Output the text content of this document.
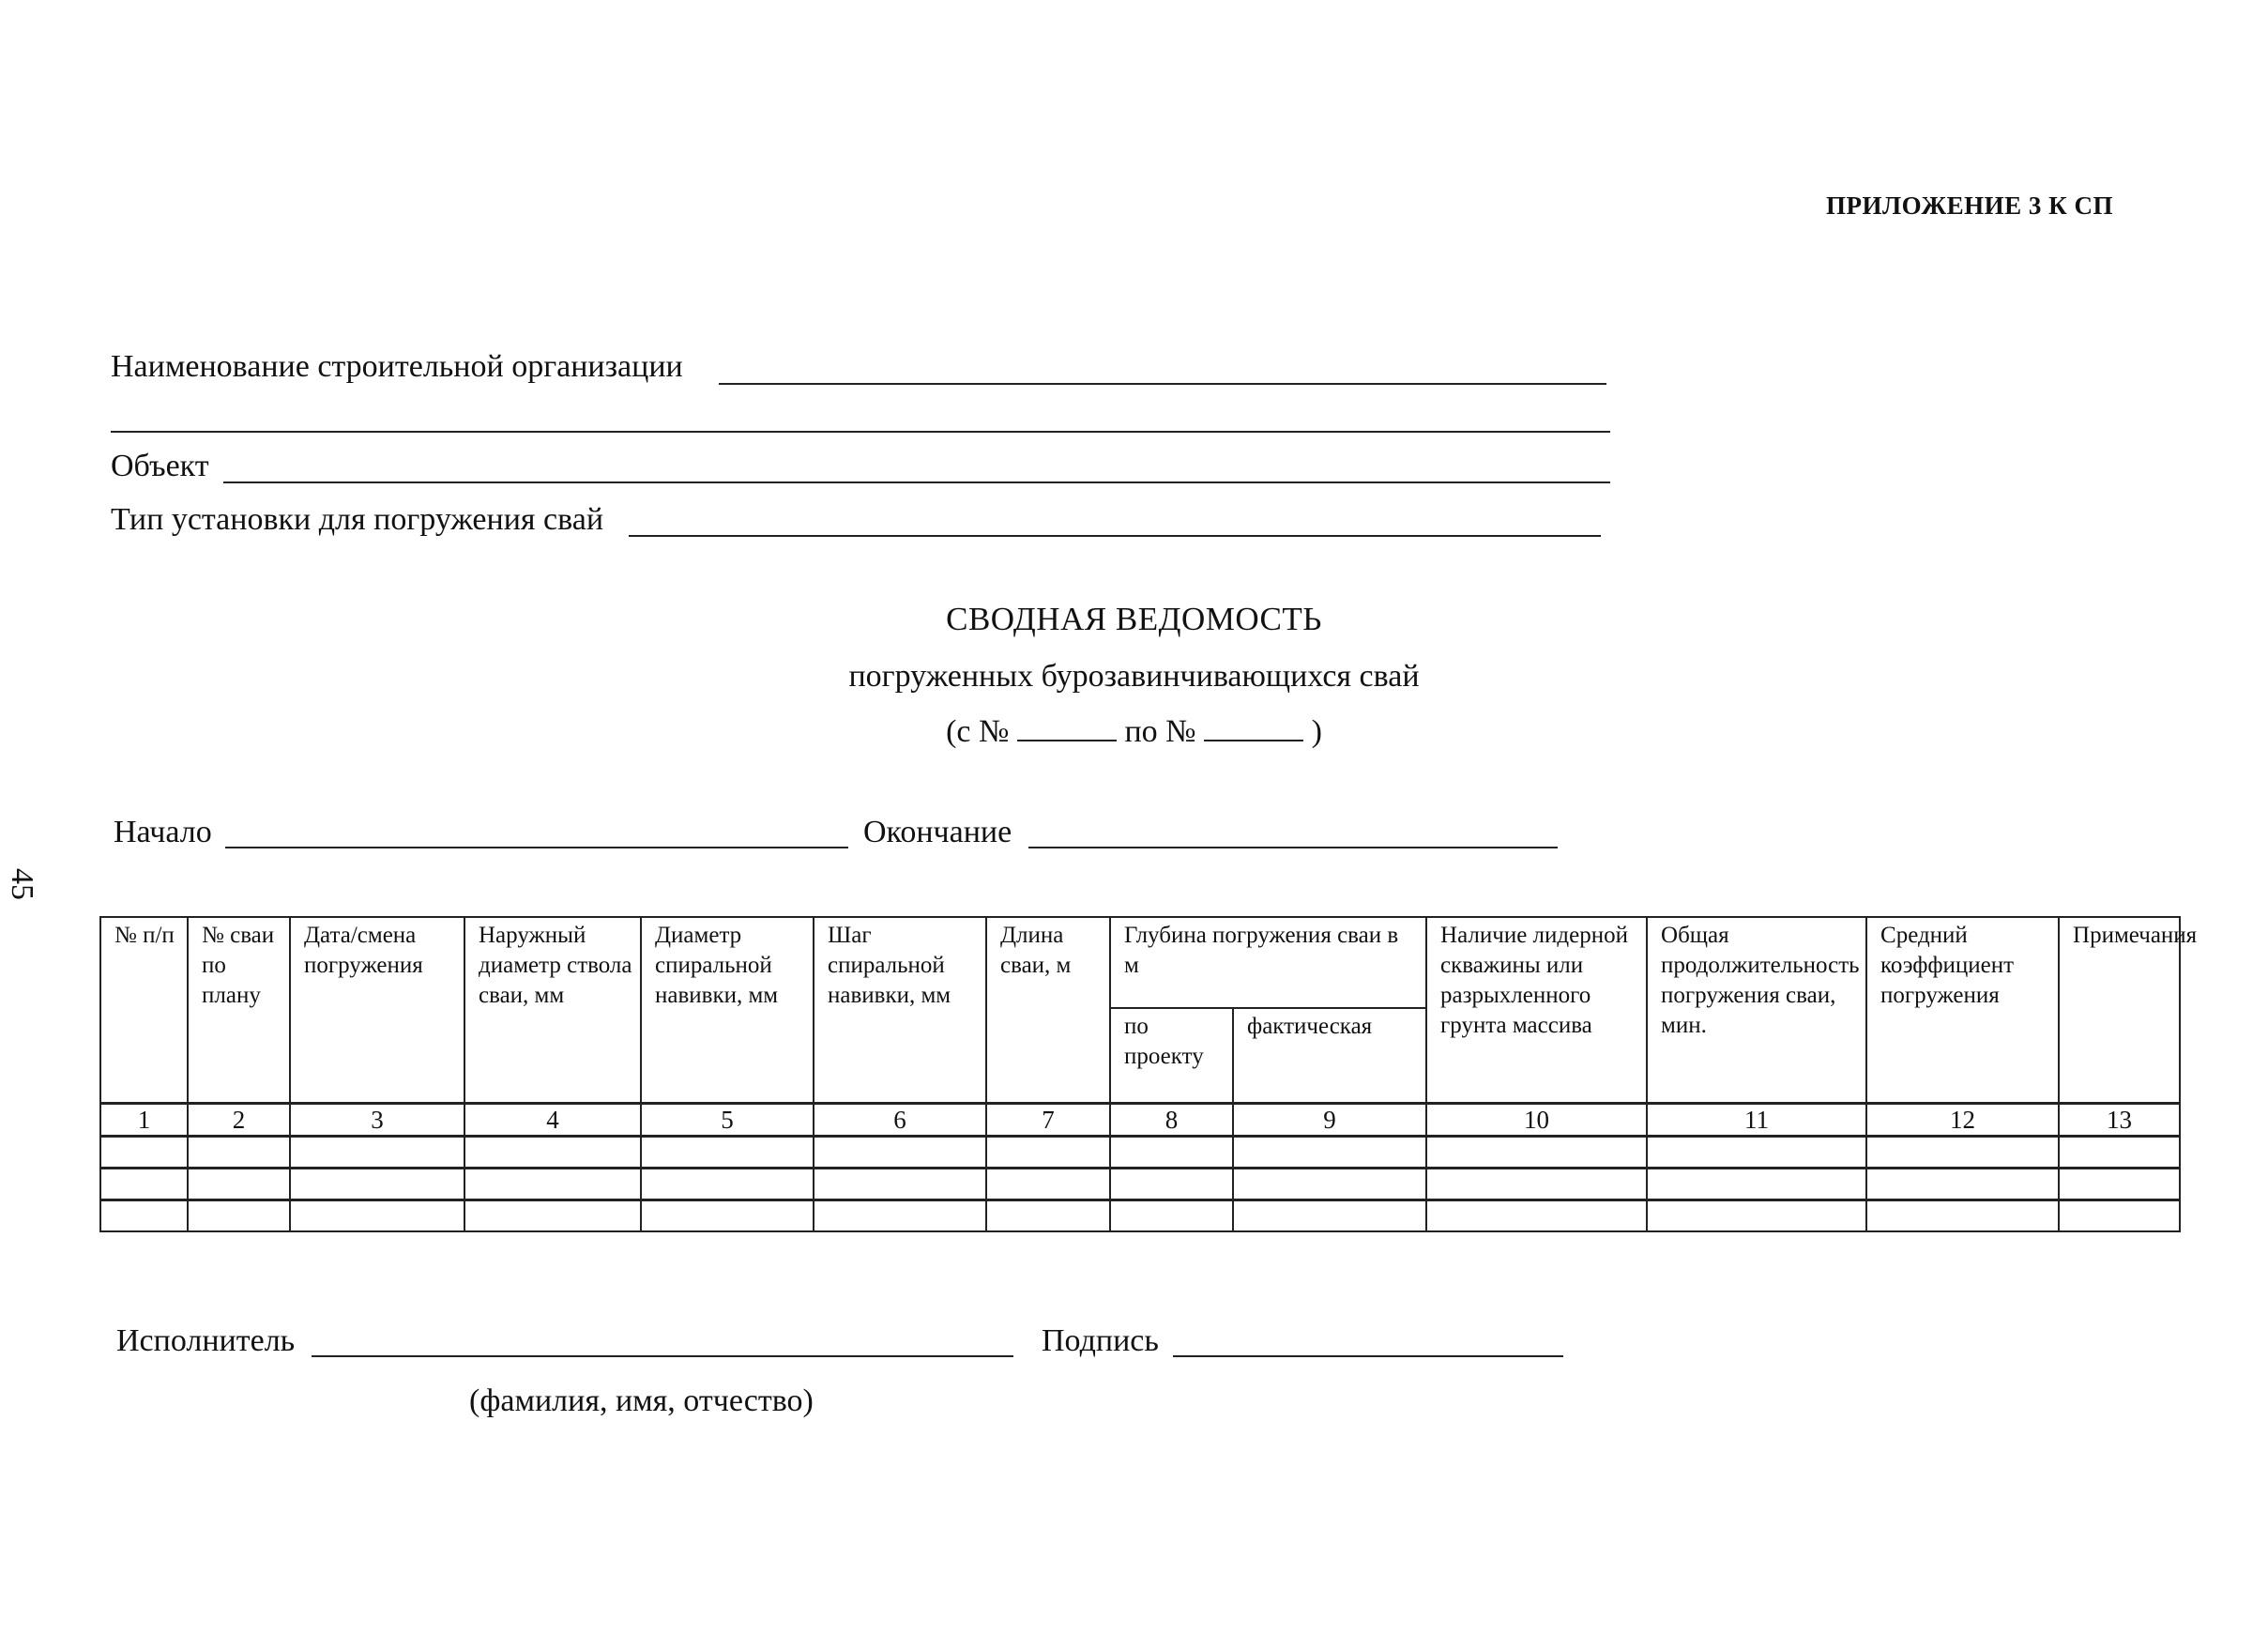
ПРИЛОЖЕНИЕ 3 К СП
45
Наименование строительной организации
Объект
Тип установки для погружения свай
СВОДНАЯ ВЕДОМОСТЬ
погруженных бурозавинчивающихся свай
(с №	по №	)
Начало	Окончание
№ п/п	№ сваи по плану	Дата/смена погружения	Наружный диаметр ствола сваи, мм	Диаметр спиральной навивки, мм	Шаг спиральной навивки, мм	Длина сваи, м	Глубина погружения сваи в м		Наличие лидерной скважины или разрыхленного грунта массива	Общая продолжительность погружения сваи, мин.	Средний коэффициент погружения	Примечания
							по проекту	фактическая				
1	2	3	4	5	6	7	8	9	10	11	12	13

Исполнитель	Подпись
(фамилия, имя, отчество)
